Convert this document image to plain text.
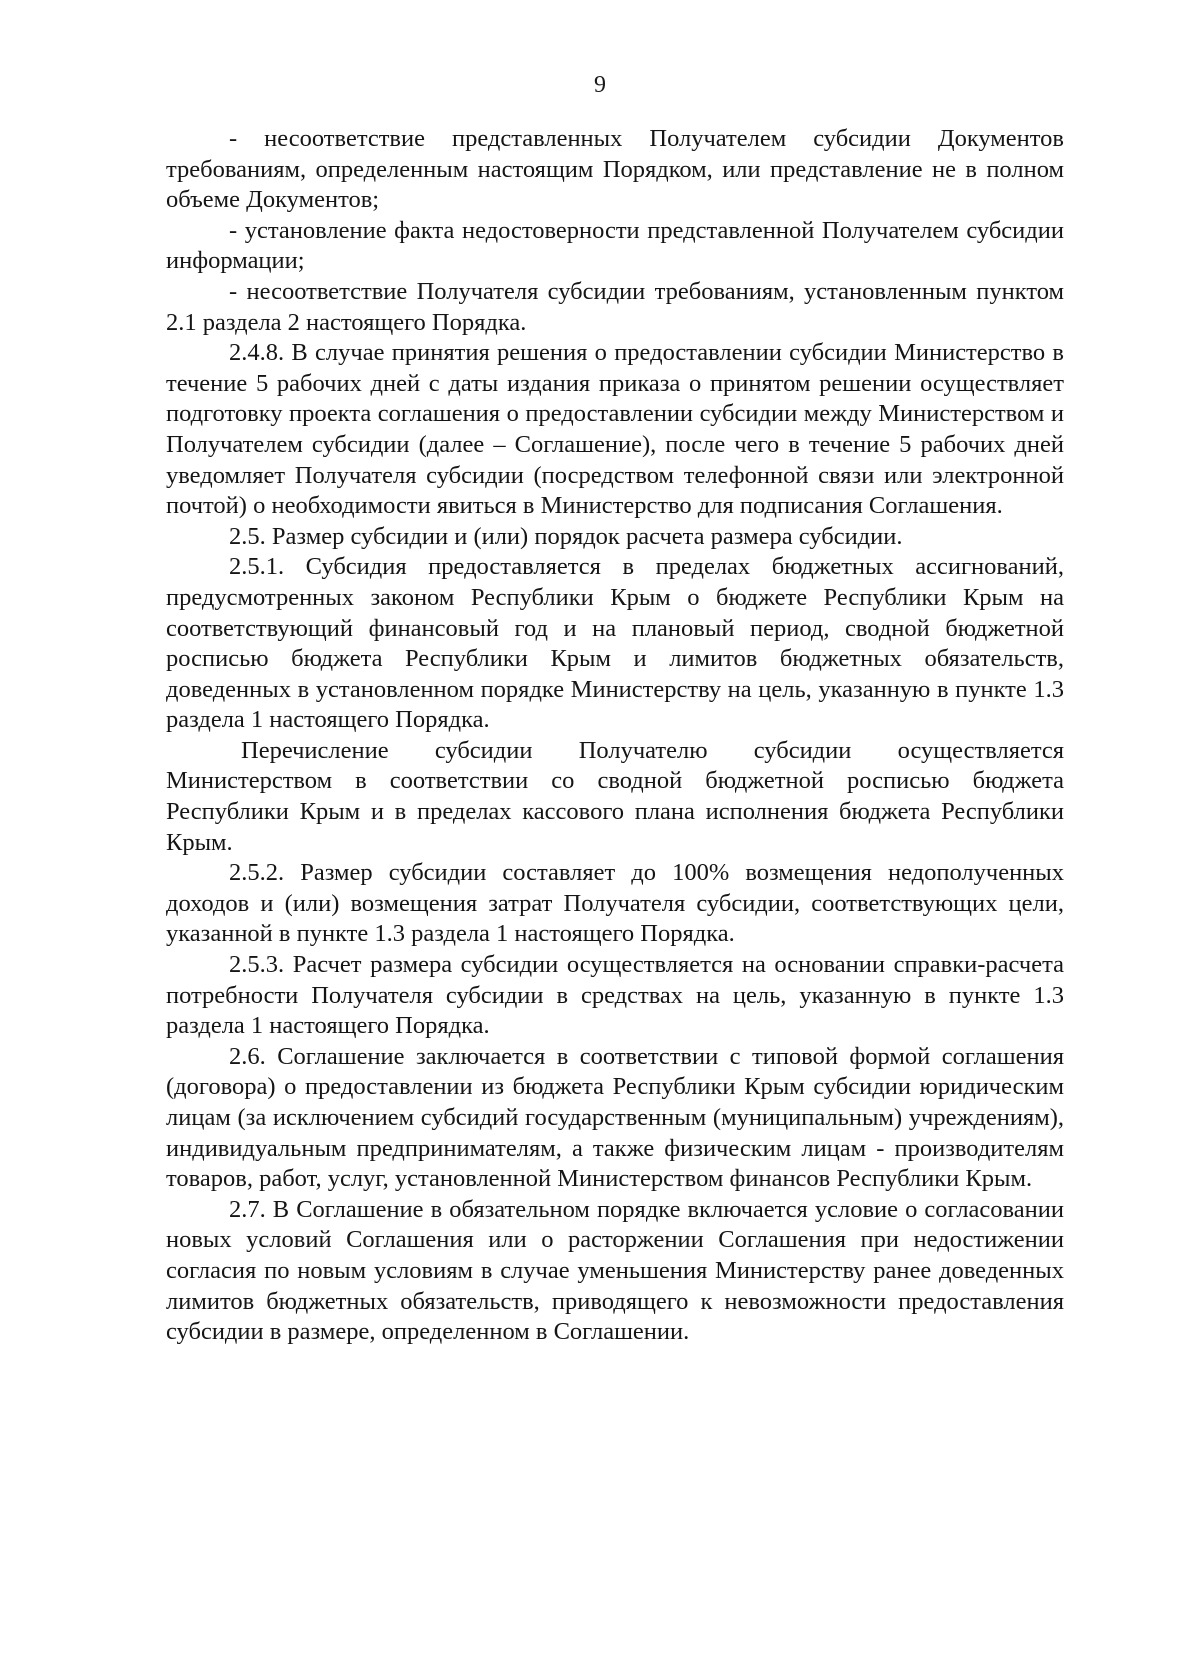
9

- несоответствие представленных Получателем субсидии Документов требованиям, определенным настоящим Порядком, или представление не в полном объеме Документов;

- установление факта недостоверности представленной Получателем субсидии информации;

- несоответствие Получателя субсидии требованиям, установленным пунктом 2.1 раздела 2 настоящего Порядка.

2.4.8. В случае принятия решения о предоставлении субсидии Министерство в течение 5 рабочих дней с даты издания приказа о принятом решении осуществляет подготовку проекта соглашения о предоставлении субсидии между Министерством и Получателем субсидии (далее – Соглашение), после чего в течение 5 рабочих дней уведомляет Получателя субсидии (посредством телефонной связи или электронной почтой) о необходимости явиться в Министерство для подписания Соглашения.

2.5. Размер субсидии и (или) порядок расчета размера субсидии.

2.5.1. Субсидия предоставляется в пределах бюджетных ассигнований, предусмотренных законом Республики Крым о бюджете Республики Крым на соответствующий финансовый год и на плановый период, сводной бюджетной росписью бюджета Республики Крым и лимитов бюджетных обязательств, доведенных в установленном порядке Министерству на цель, указанную в пункте 1.3 раздела 1 настоящего Порядка.

Перечисление субсидии Получателю субсидии осуществляется Министерством в соответствии со сводной бюджетной росписью бюджета Республики Крым и в пределах кассового плана исполнения бюджета Республики Крым.

2.5.2. Размер субсидии составляет до 100% возмещения недополученных доходов и (или) возмещения затрат Получателя субсидии, соответствующих цели, указанной в пункте 1.3 раздела 1 настоящего Порядка.

2.5.3. Расчет размера субсидии осуществляется на основании справки-расчета потребности Получателя субсидии в средствах на цель, указанную в пункте 1.3 раздела 1 настоящего Порядка.

2.6. Соглашение заключается в соответствии с типовой формой соглашения (договора) о предоставлении из бюджета Республики Крым субсидии юридическим лицам (за исключением субсидий государственным (муниципальным) учреждениям), индивидуальным предпринимателям, а также физическим лицам - производителям товаров, работ, услуг, установленной Министерством финансов Республики Крым.

2.7. В Соглашение в обязательном порядке включается условие о согласовании новых условий Соглашения или о расторжении Соглашения при недостижении согласия по новым условиям в случае уменьшения Министерству ранее доведенных лимитов бюджетных обязательств, приводящего к невозможности предоставления субсидии в размере, определенном в Соглашении.
